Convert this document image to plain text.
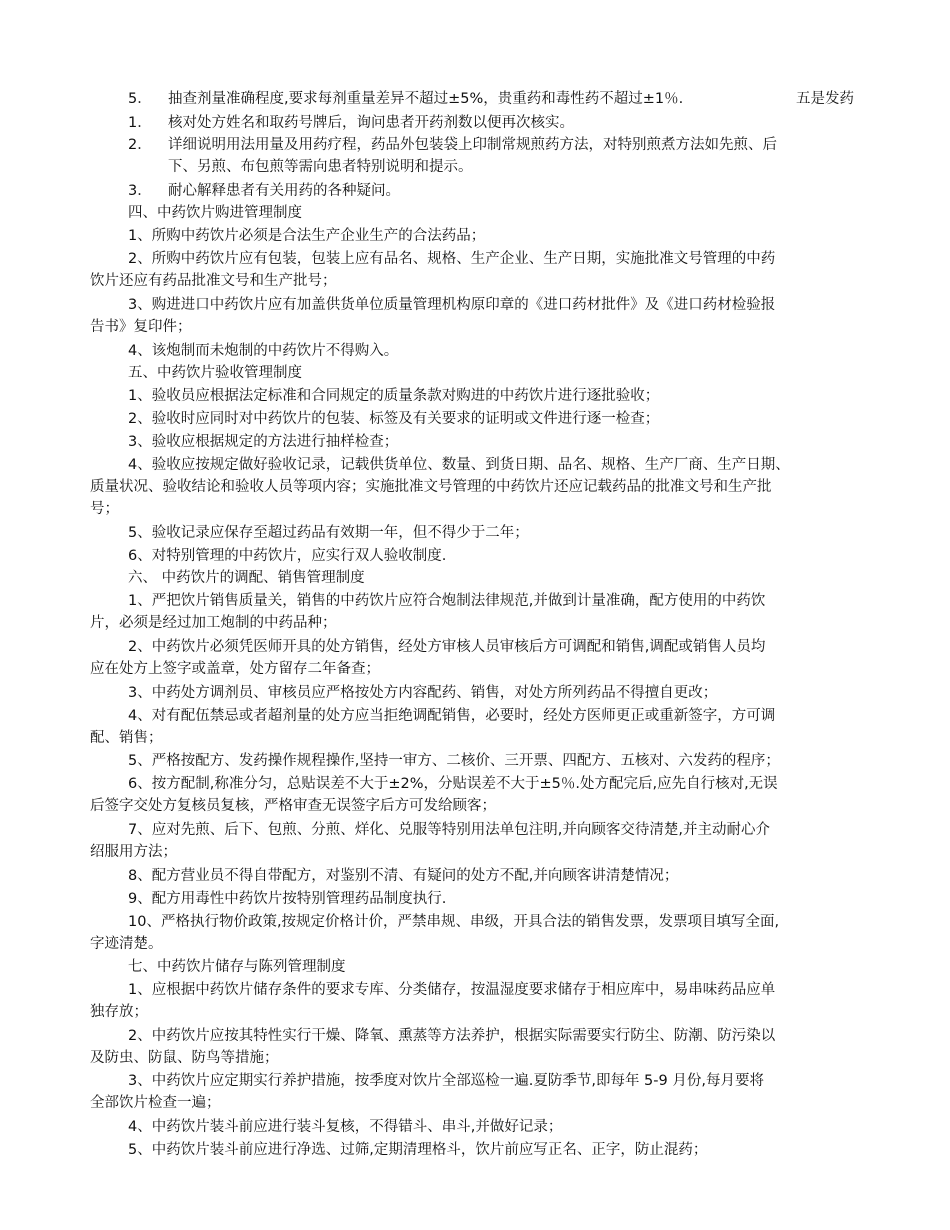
5． 抽查剂量准确程度,要求每剂重量差异不超过±5%，贵重药和毒性药不超过±1％.	五是发药
1． 核对处方姓名和取药号牌后，询问患者开药剂数以便再次核实。
2． 详细说明用法用量及用药疗程，药品外包装袋上印制常规煎药方法，对特别煎煮方法如先煎、后
下、另煎、布包煎等需向患者特别说明和提示。
3． 耐心解释患者有关用药的各种疑问。
四、中药饮片购进管理制度
1、所购中药饮片必须是合法生产企业生产的合法药品；
2、所购中药饮片应有包装，包装上应有品名、规格、生产企业、生产日期，实施批准文号管理的中药
饮片还应有药品批准文号和生产批号；
3、购进进口中药饮片应有加盖供货单位质量管理机构原印章的《进口药材批件》及《进口药材检验报
告书》复印件；
4、该炮制而未炮制的中药饮片不得购入。
五、中药饮片验收管理制度
1、验收员应根据法定标准和合同规定的质量条款对购进的中药饮片进行逐批验收；
2、验收时应同时对中药饮片的包装、标签及有关要求的证明或文件进行逐一检查；
3、验收应根据规定的方法进行抽样检查；
4、验收应按规定做好验收记录，记载供货单位、数量、到货日期、品名、规格、生产厂商、生产日期、
质量状况、验收结论和验收人员等项内容；实施批准文号管理的中药饮片还应记载药品的批准文号和生产批
号；
5、验收记录应保存至超过药品有效期一年，但不得少于二年；
6、对特别管理的中药饮片，应实行双人验收制度.
六、 中药饮片的调配、销售管理制度
1、严把饮片销售质量关，销售的中药饮片应符合炮制法律规范,并做到计量准确，配方使用的中药饮
片，必须是经过加工炮制的中药品种；
2、中药饮片必须凭医师开具的处方销售，经处方审核人员审核后方可调配和销售,调配或销售人员均
应在处方上签字或盖章，处方留存二年备查；
3、中药处方调剂员、审核员应严格按处方内容配药、销售，对处方所列药品不得擅自更改；
4、对有配伍禁忌或者超剂量的处方应当拒绝调配销售，必要时，经处方医师更正或重新签字，方可调
配、销售；
5、严格按配方、发药操作规程操作,坚持一审方、二核价、三开票、四配方、五核对、六发药的程序；
6、按方配制,称准分匀，总贴误差不大于±2%，分贴误差不大于±5％.处方配完后,应先自行核对,无误
后签字交处方复核员复核，严格审查无误签字后方可发给顾客；
7、应对先煎、后下、包煎、分煎、烊化、兑服等特别用法单包注明,并向顾客交待清楚,并主动耐心介
绍服用方法；
8、配方营业员不得自带配方，对鉴别不清、有疑问的处方不配,并向顾客讲清楚情况；
9、配方用毒性中药饮片按特别管理药品制度执行.
10、严格执行物价政策,按规定价格计价，严禁串规、串级，开具合法的销售发票，发票项目填写全面,
字迹清楚。
七、中药饮片储存与陈列管理制度
1、应根据中药饮片储存条件的要求专库、分类储存，按温湿度要求储存于相应库中，易串味药品应单
独存放；
2、中药饮片应按其特性实行干燥、降氧、熏蒸等方法养护，根据实际需要实行防尘、防潮、防污染以
及防虫、防鼠、防鸟等措施；
3、中药饮片应定期实行养护措施，按季度对饮片全部巡检一遍.夏防季节,即每年 5-9 月份,每月要将
全部饮片检查一遍；
4、中药饮片装斗前应进行装斗复核，不得错斗、串斗,并做好记录；
5、中药饮片装斗前应进行净选、过筛,定期清理格斗，饮片前应写正名、正字，防止混药；
